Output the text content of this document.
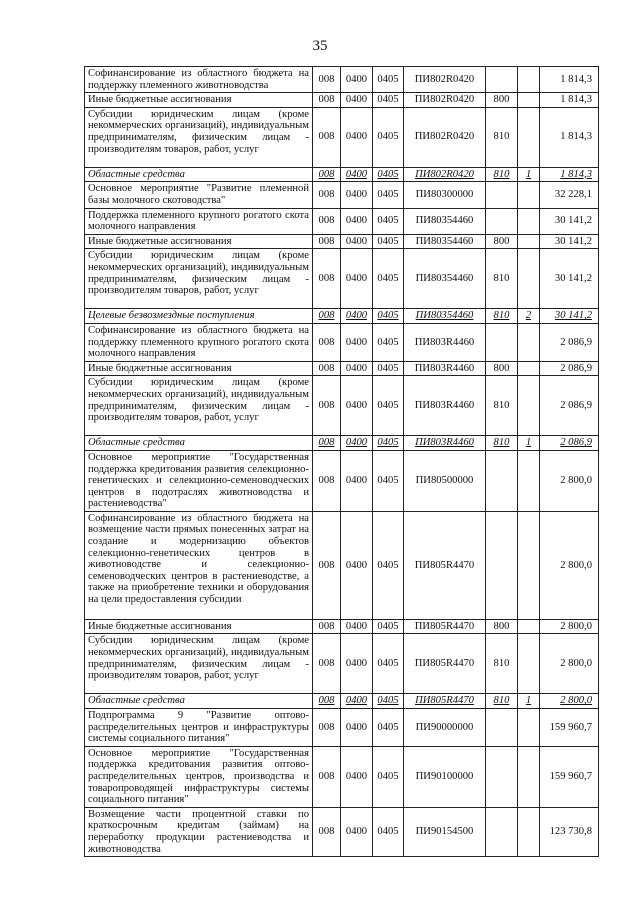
35
Софинансирование из областного бюджета на поддержку племенного животноводства	008	0400	0405	ПИ802R0420			1 814,3
Иные бюджетные ассигнования	008	0400	0405	ПИ802R0420	800		1 814,3
Субсидии юридическим лицам (кроме некоммерческих организаций), индивидуальным предпринимателям, физическим лицам - производителям товаров, работ, услуг	008	0400	0405	ПИ802R0420	810		1 814,3
Областные средства	008	0400	0405	ПИ802R0420	810	1	1 814,3
Основное мероприятие "Развитие племенной базы молочного скотоводства"	008	0400	0405	ПИ80300000			32 228,1
Поддержка племенного крупного рогатого скота молочного направления	008	0400	0405	ПИ80354460			30 141,2
Иные бюджетные ассигнования	008	0400	0405	ПИ80354460	800		30 141,2
Субсидии юридическим лицам (кроме некоммерческих организаций), индивидуальным предпринимателям, физическим лицам - производителям товаров, работ, услуг	008	0400	0405	ПИ80354460	810		30 141,2
Целевые безвозмездные поступления	008	0400	0405	ПИ80354460	810	2	30 141,2
Софинансирование из областного бюджета на поддержку племенного крупного рогатого скота молочного направления	008	0400	0405	ПИ803R4460			2 086,9
Иные бюджетные ассигнования	008	0400	0405	ПИ803R4460	800		2 086,9
Субсидии юридическим лицам (кроме некоммерческих организаций), индивидуальным предпринимателям, физическим лицам - производителям товаров, работ, услуг	008	0400	0405	ПИ803R4460	810		2 086,9
Областные средства	008	0400	0405	ПИ803R4460	810	1	2 086,9
Основное мероприятие "Государственная поддержка кредитования развития селекционно-генетических и селекционно-семеноводческих центров в подотраслях животноводства и растениеводства"	008	0400	0405	ПИ80500000			2 800,0
Софинансирование из областного бюджета на возмещение части прямых понесенных затрат на создание и модернизацию объектов селекционно-генетических центров в животноводстве и селекционно-семеноводческих центров в растениеводстве, а также на приобретение техники и оборудования на цели предоставления субсидии	008	0400	0405	ПИ805R4470			2 800,0
Иные бюджетные ассигнования	008	0400	0405	ПИ805R4470	800		2 800,0
Субсидии юридическим лицам (кроме некоммерческих организаций), индивидуальным предпринимателям, физическим лицам - производителям товаров, работ, услуг	008	0400	0405	ПИ805R4470	810		2 800,0
Областные средства	008	0400	0405	ПИ805R4470	810	1	2 800,0
Подпрограмма 9 "Развитие оптово-распределительных центров и инфраструктуры системы социального питания"	008	0400	0405	ПИ90000000			159 960,7
Основное мероприятие "Государственная поддержка кредитования развития оптово-распределительных центров, производства и товаропроводящей инфраструктуры системы социального питания"	008	0400	0405	ПИ90100000			159 960,7
Возмещение части процентной ставки по краткосрочным кредитам (займам) на переработку продукции растениеводства и животноводства	008	0400	0405	ПИ90154500			123 730,8
